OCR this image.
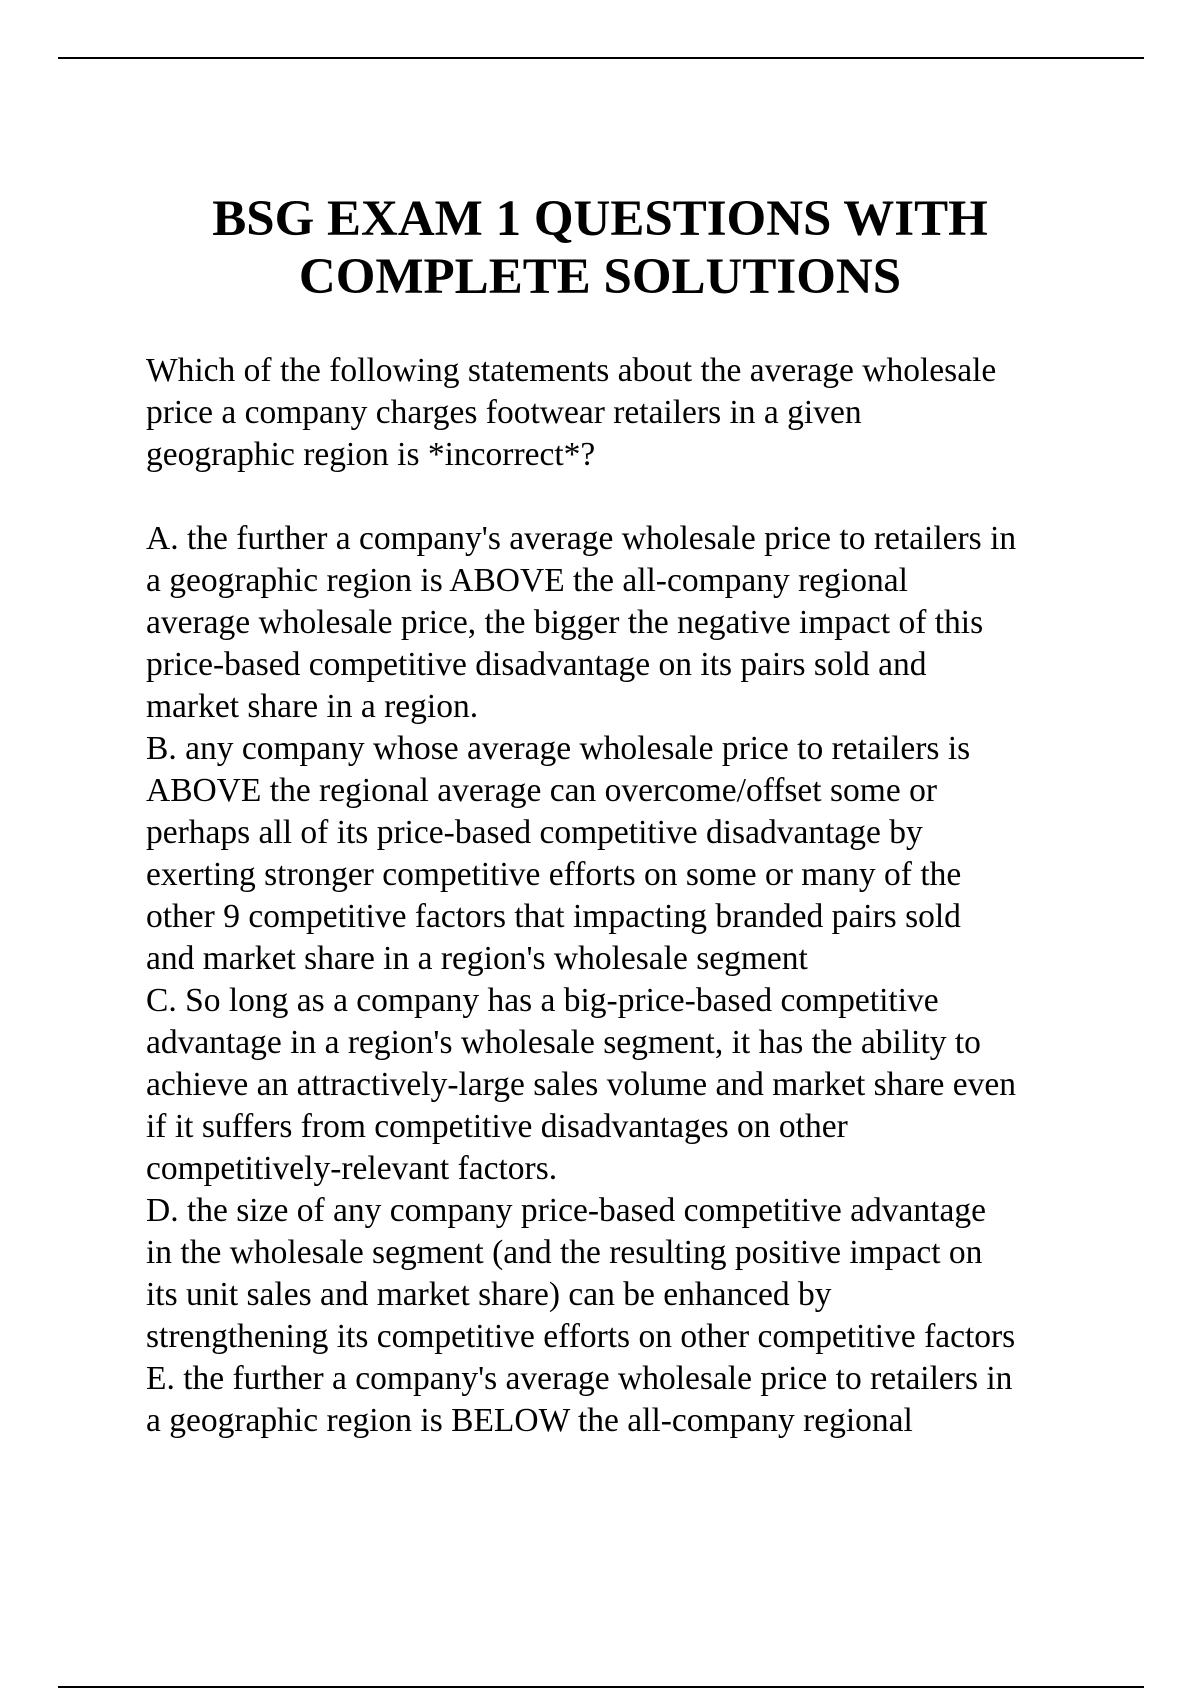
BSG EXAM 1 QUESTIONS WITH
COMPLETE SOLUTIONS
Which of the following statements about the average wholesale
price a company charges footwear retailers in a given
geographic region is *incorrect*?
A. the further a company's average wholesale price to retailers in
a geographic region is ABOVE the all-company regional
average wholesale price, the bigger the negative impact of this
price-based competitive disadvantage on its pairs sold and
market share in a region.
B. any company whose average wholesale price to retailers is
ABOVE the regional average can overcome/offset some or
perhaps all of its price-based competitive disadvantage by
exerting stronger competitive efforts on some or many of the
other 9 competitive factors that impacting branded pairs sold
and market share in a region's wholesale segment
C. So long as a company has a big-price-based competitive
advantage in a region's wholesale segment, it has the ability to
achieve an attractively-large sales volume and market share even
if it suffers from competitive disadvantages on other
competitively-relevant factors.
D. the size of any company price-based competitive advantage
in the wholesale segment (and the resulting positive impact on
its unit sales and market share) can be enhanced by
strengthening its competitive efforts on other competitive factors
E. the further a company's average wholesale price to retailers in
a geographic region is BELOW the all-company regional
